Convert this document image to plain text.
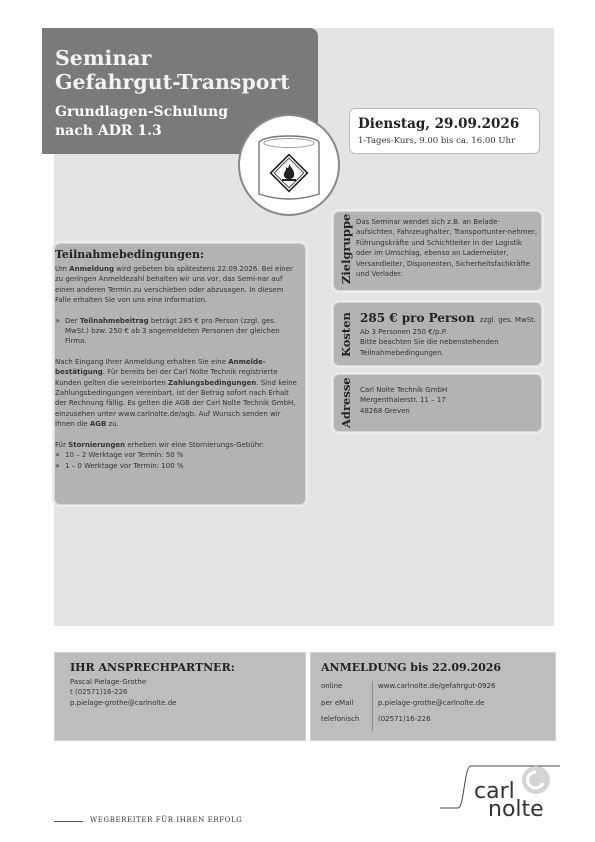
Seminar
Gefahrgut-Transport
Grundlagen-Schulung
nach ADR 1.3	Dienstag, 29.09.2026
1-Tages-Kurs, 9.00 bis ca. 16.00 Uhr
Zielgruppe Das Seminar wendet sich z.B. an Belade-aufsichten, Fahrzeughalter, Transportunter-nehmer, Führungskräfte und Schichtleiter in der Logistik oder im Umschlag, ebenso an Lademeister, Versandleiter, Disponenten, Sicherheitsfachkräfte und Verlader.
Kosten 285 € pro Person zzgl. ges. MwSt.
Ab 3 Personen 250 €/p.P.
Bitte beachten Sie die nebenstehenden Teilnahmebedingungen.
Adresse Carl Nolte Technik GmbH
Mergenthalerstr. 11 – 17
48268 Greven
Teilnahmebedingungen:

Um Anmeldung wird gebeten bis spätestens 22.09.2026. Bei einer zu geringen Anmeldezahl behalten wir uns vor, das Semi-nar auf einen anderen Termin zu verschieben oder abzusagen. In diesem Falle erhalten Sie von uns eine Information.

» Der Teilnahmebeitrag beträgt 285 € pro Person (zzgl. ges. MwSt.) bzw. 250 € ab 3 angemeldeten Personen der gleichen Firma.

Nach Eingang Ihrer Anmeldung erhalten Sie eine Anmelde-bestätigung. Für bereits bei der Carl Nolte Technik registrierte Kunden gelten die vereinbarten Zahlungsbedingungen. Sind keine Zahlungsbedingungen vereinbart, ist der Betrag sofort nach Erhalt der Rechnung fällig. Es gelten die AGB der Carl Nolte Technik GmbH, einzusehen unter www.carlnolte.de/agb. Auf Wunsch senden wir Ihnen die AGB zu.

Für Stornierungen erheben wir eine Stornierungs-Gebühr:
» 10 – 2 Werktage vor Termin: 50 %
» 1 – 0 Werktage vor Termin: 100 %
IHR ANSPRECHPARTNER:
Pascal Pielage-Grothe
t (02571)16-226
p.pielage-grothe@carlnolte.de
ANMELDUNG bis 22.09.2026
online	www.carlnolte.de/gefahrgut-0926
per eMail	p.pielage-grothe@carlnolte.de
telefonisch	(02571)16-226
carl
nolte
WEGBEREITER FÜR IHREN ERFOLG
